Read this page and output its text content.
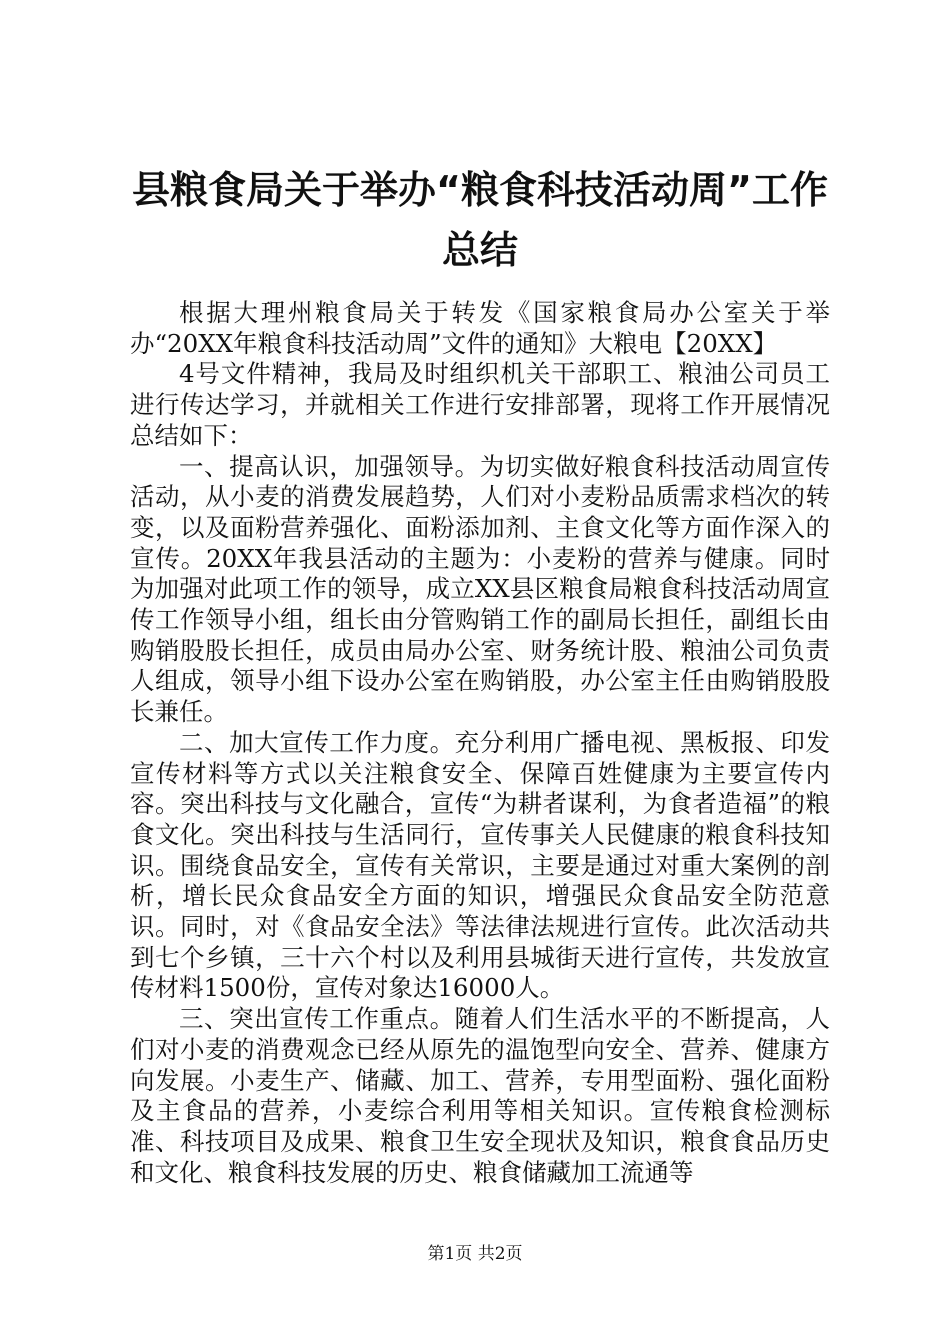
县粮食局关于举办“粮食科技活动周”工作总结

根据大理州粮食局关于转发《国家粮食局办公室关于举办“20XX年粮食科技活动周”文件的通知》大粮电【20XX】

4号文件精神，我局及时组织机关干部职工、粮油公司员工进行传达学习，并就相关工作进行安排部署，现将工作开展情况总结如下：

一、提高认识，加强领导。为切实做好粮食科技活动周宣传活动，从小麦的消费发展趋势，人们对小麦粉品质需求档次的转变，以及面粉营养强化、面粉添加剂、主食文化等方面作深入的宣传。20XX年我县活动的主题为：小麦粉的营养与健康。同时为加强对此项工作的领导，成立XX县区粮食局粮食科技活动周宣传工作领导小组，组长由分管购销工作的副局长担任，副组长由购销股股长担任，成员由局办公室、财务统计股、粮油公司负责人组成，领导小组下设办公室在购销股，办公室主任由购销股股长兼任。

二、加大宣传工作力度。充分利用广播电视、黑板报、印发宣传材料等方式以关注粮食安全、保障百姓健康为主要宣传内容。突出科技与文化融合，宣传“为耕者谋利，为食者造福”的粮食文化。突出科技与生活同行，宣传事关人民健康的粮食科技知识。围绕食品安全，宣传有关常识，主要是通过对重大案例的剖析，增长民众食品安全方面的知识，增强民众食品安全防范意识。同时，对《食品安全法》等法律法规进行宣传。此次活动共到七个乡镇，三十六个村以及利用县城街天进行宣传，共发放宣传材料1500份，宣传对象达16000人。

三、突出宣传工作重点。随着人们生活水平的不断提高，人们对小麦的消费观念已经从原先的温饱型向安全、营养、健康方向发展。小麦生产、储藏、加工、营养，专用型面粉、强化面粉及主食品的营养，小麦综合利用等相关知识。宣传粮食检测标准、科技项目及成果、粮食卫生安全现状及知识，粮食食品历史和文化、粮食科技发展的历史、粮食储藏加工流通等

第1页 共2页
